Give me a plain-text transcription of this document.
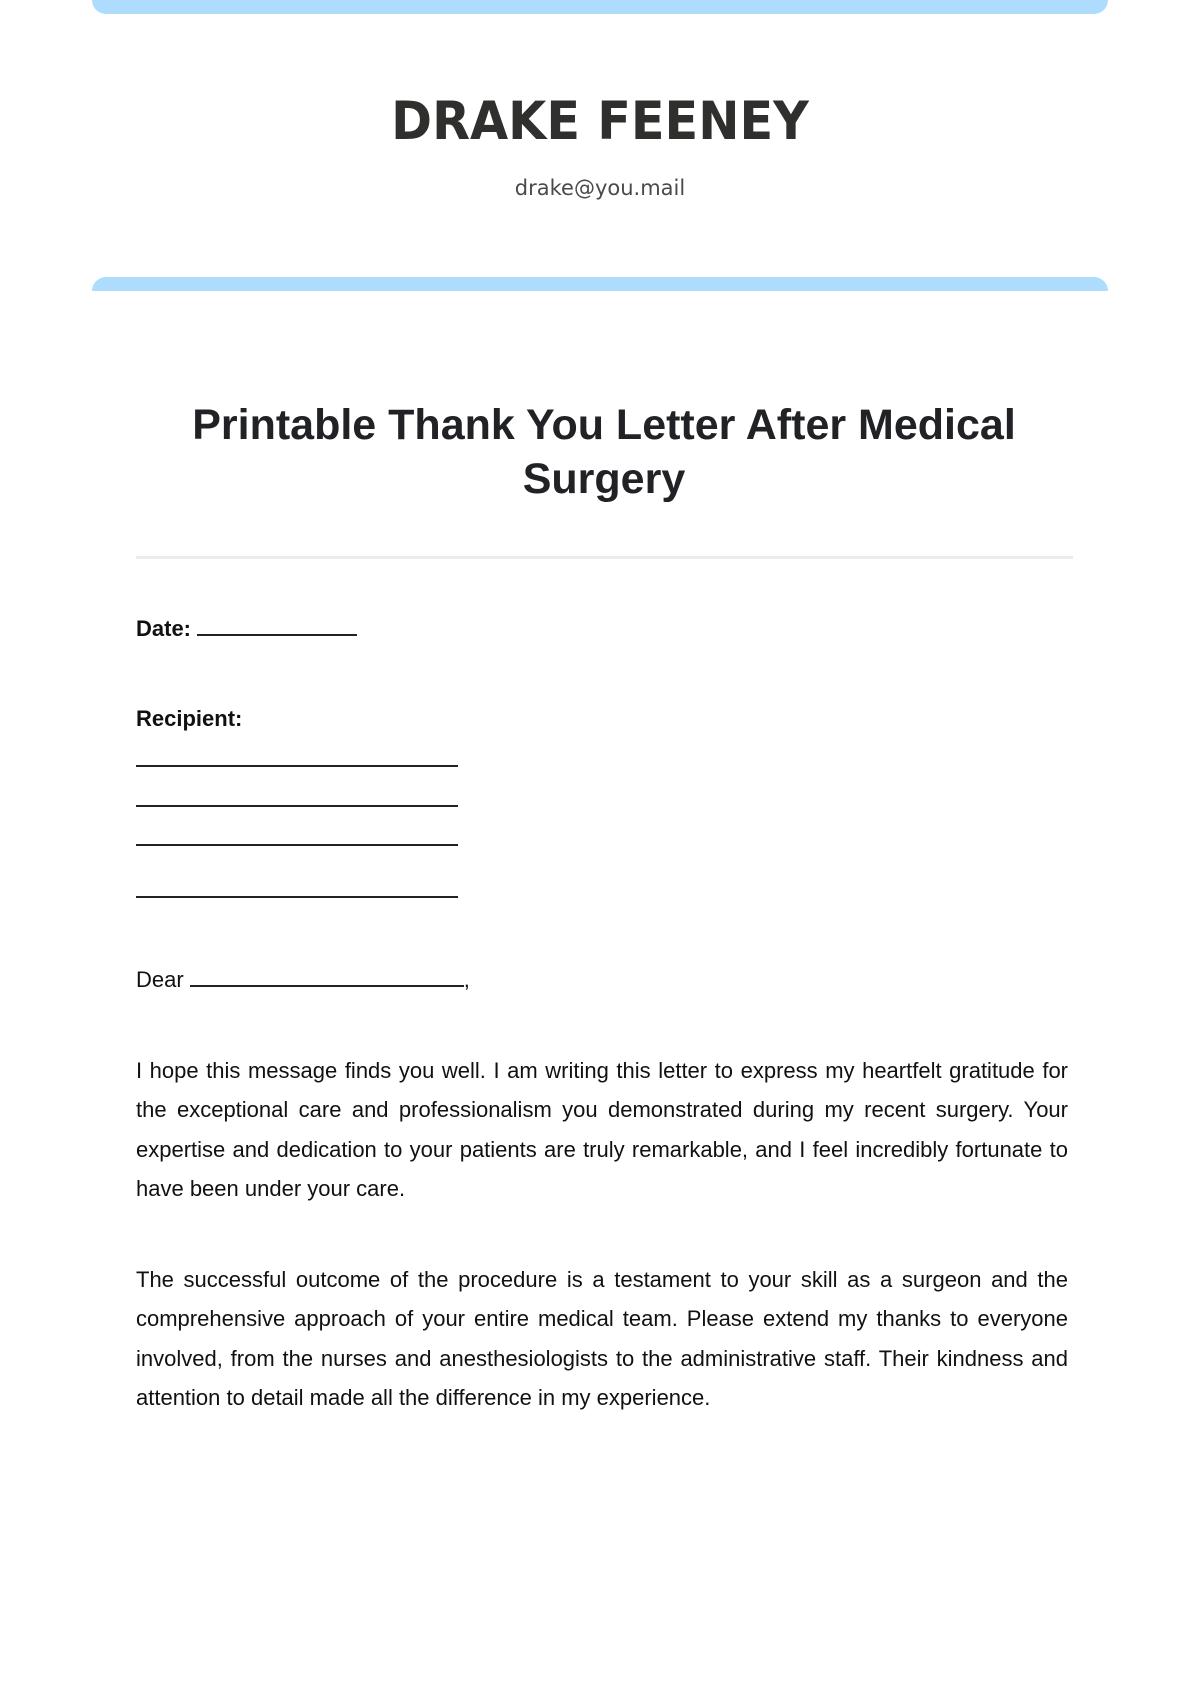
DRAKE FEENEY
drake@you.mail
Printable Thank You Letter After Medical Surgery
Date:
Recipient:
Dear	,

I hope this message finds you well. I am writing this letter to express my heartfelt gratitude for the exceptional care and professionalism you demonstrated during my recent surgery. Your expertise and dedication to your patients are truly remarkable, and I feel incredibly fortunate to have been under your care.

The successful outcome of the procedure is a testament to your skill as a surgeon and the comprehensive approach of your entire medical team. Please extend my thanks to everyone involved, from the nurses and anesthesiologists to the administrative staff. Their kindness and attention to detail made all the difference in my experience.
